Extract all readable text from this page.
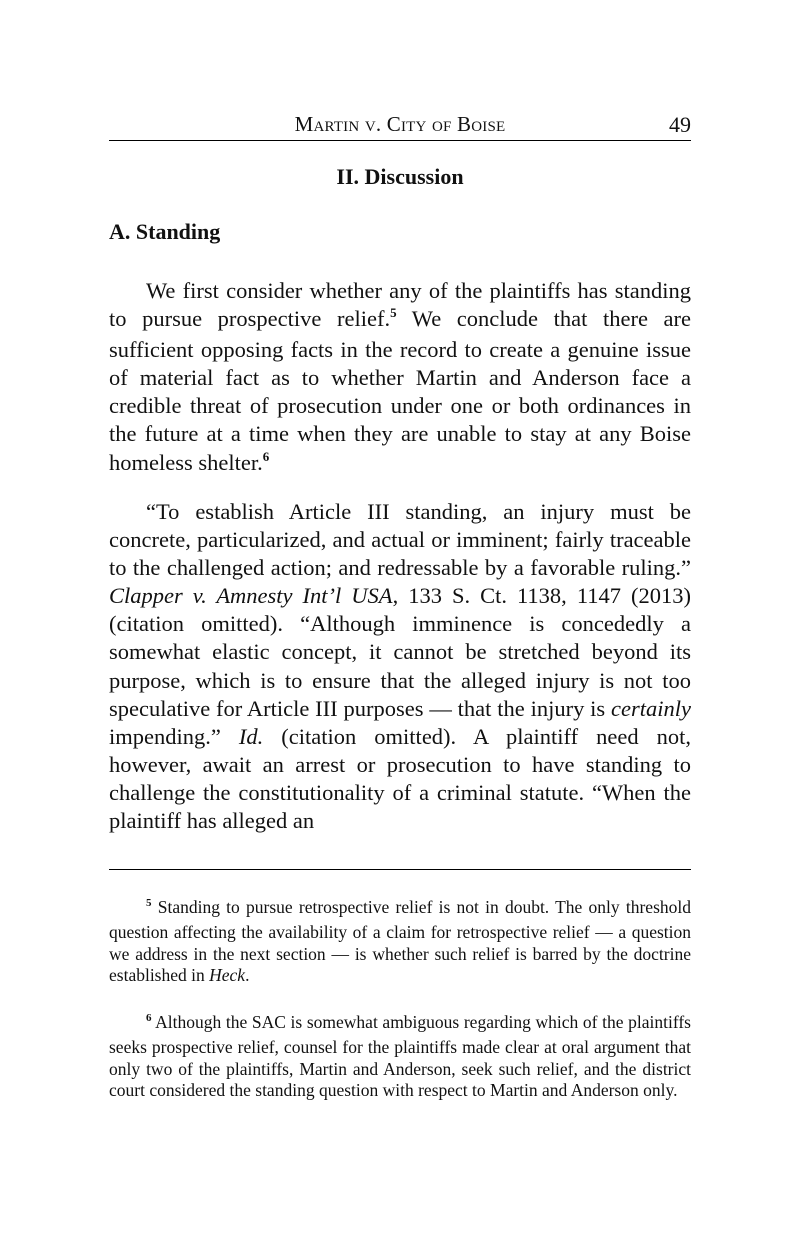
Martin v. City of Boise	49
II. Discussion
A. Standing

We first consider whether any of the plaintiffs has standing to pursue prospective relief.$^5$ We conclude that there are sufficient opposing facts in the record to create a genuine issue of material fact as to whether Martin and Anderson face a credible threat of prosecution under one or both ordinances in the future at a time when they are unable to stay at any Boise homeless shelter.$^6$

“To establish Article III standing, an injury must be concrete, particularized, and actual or imminent; fairly traceable to the challenged action; and redressable by a favorable ruling.” Clapper v. Amnesty Int’l USA, 133 S. Ct. 1138, 1147 (2013) (citation omitted). “Although imminence is concededly a somewhat elastic concept, it cannot be stretched beyond its purpose, which is to ensure that the alleged injury is not too speculative for Article III purposes — that the injury is certainly impending.” Id. (citation omitted). A plaintiff need not, however, await an arrest or prosecution to have standing to challenge the constitutionality of a criminal statute. “When the plaintiff has alleged an

$^5$ Standing to pursue retrospective relief is not in doubt. The only threshold question affecting the availability of a claim for retrospective relief — a question we address in the next section — is whether such relief is barred by the doctrine established in Heck.

$^6$ Although the SAC is somewhat ambiguous regarding which of the plaintiffs seeks prospective relief, counsel for the plaintiffs made clear at oral argument that only two of the plaintiffs, Martin and Anderson, seek such relief, and the district court considered the standing question with respect to Martin and Anderson only.
